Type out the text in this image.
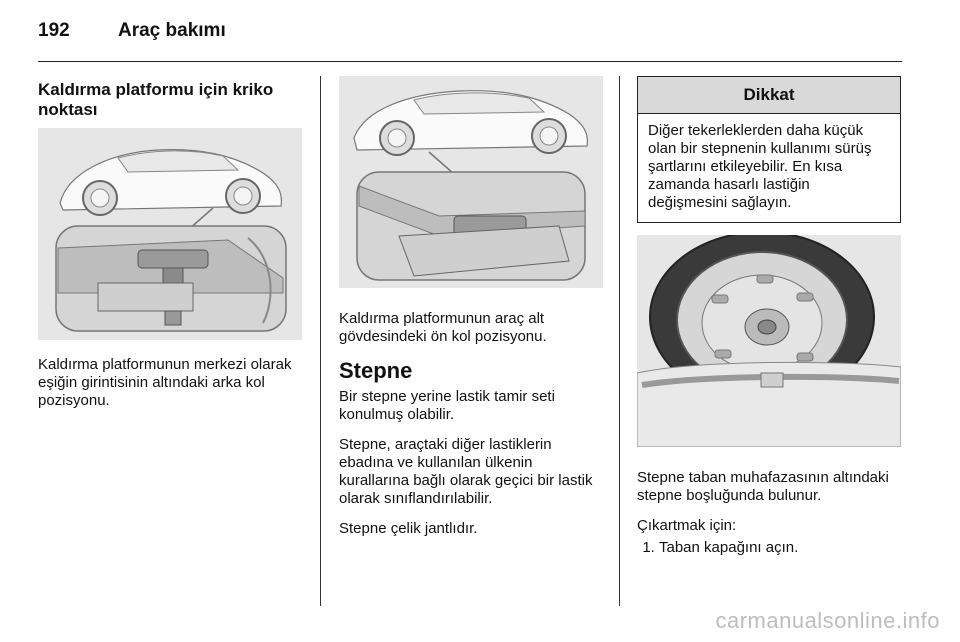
192	Araç bakımı
Kaldırma platformu için kriko noktası

Kaldırma platformunun merkezi olarak eşiğin girintisinin altındaki arka kol pozisyonu.

Kaldırma platformunun araç alt gövdesindeki ön kol pozisyonu.

Stepne

Bir stepne yerine lastik tamir seti konulmuş olabilir.

Stepne, araçtaki diğer lastiklerin ebadına ve kullanılan ülkenin kurallarına bağlı olarak geçici bir lastik olarak sınıflandırılabilir.

Stepne çelik jantlıdır.

Dikkat
Diğer tekerleklerden daha küçük olan bir stepnenin kullanımı sürüş şartlarını etkileyebilir. En kısa zamanda hasarlı lastiğin değişmesini sağlayın.

Stepne taban muhafazasının altındaki stepne boşluğunda bulunur.

Çıkartmak için:

1. Taban kapağını açın.
carmanualsonline.info
